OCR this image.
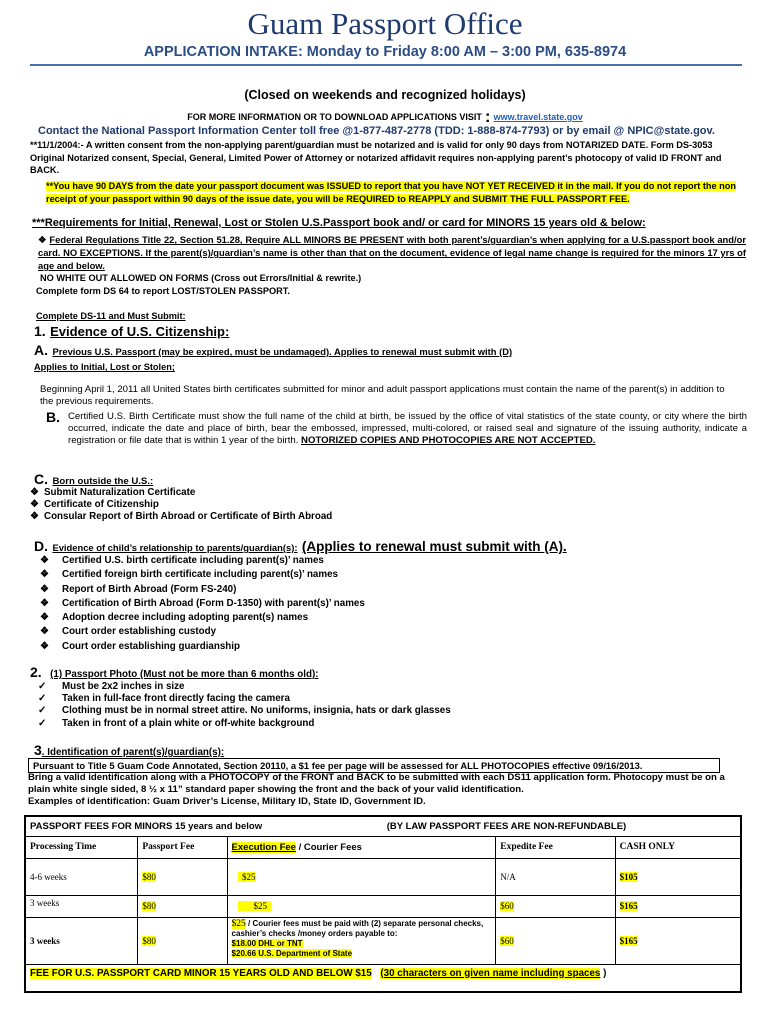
Guam Passport Office
APPLICATION INTAKE: Monday to Friday 8:00 AM – 3:00 PM, 635-8974
(Closed on weekends and recognized holidays)
FOR MORE INFORMATION OR TO DOWNLOAD APPLICATIONS VISIT : www.travel.state.gov
Contact the National Passport Information Center toll free @1-877-487-2778 (TDD: 1-888-874-7793) or by email @ NPIC@state.gov.
**11/1/2004:- A written consent from the non-applying parent/guardian must be notarized and is valid for only 90 days from NOTARIZED DATE. Form DS-3053 Original Notarized consent, Special, General, Limited Power of Attorney or notarized affidavit requires non-applying parent’s photocopy of valid ID FRONT and BACK.
**You have 90 DAYS from the date your passport document was ISSUED to report that you have NOT YET RECEIVED it in the mail. If you do not report the non receipt of your passport within 90 days of the issue date, you will be REQUIRED to REAPPLY and SUBMIT THE FULL PASSPORT FEE.
***Requirements for Initial, Renewal, Lost or Stolen U.S.Passport book and/ or card for MINORS 15 years old & below:
❖ Federal Regulations Title 22, Section 51.28, Require ALL MINORS BE PRESENT with both parent’s/guardian’s when applying for a U.S.passport book and/or card. NO EXCEPTIONS. If the parent(s)/guardian’s name is other than that on the document, evidence of legal name change is required for the minors 17 yrs of age and below.
NO WHITE OUT ALLOWED ON FORMS (Cross out Errors/Initial & rewrite.)
Complete form DS 64 to report LOST/STOLEN PASSPORT.
Complete DS-11 and Must Submit:
1. Evidence of U.S. Citizenship:
A. Previous U.S. Passport (may be expired, must be undamaged). Applies to renewal must submit with (D)
Applies to Initial, Lost or Stolen;
Beginning April 1, 2011 all United States birth certificates submitted for minor and adult passport applications must contain the name of the parent(s) in addition to the previous requirements.
B. Certified U.S. Birth Certificate must show the full name of the child at birth, be issued by the office of vital statistics of the state county, or city where the birth occurred, indicate the date and place of birth, bear the embossed, impressed, multi-colored, or raised seal and signature of the issuing authority, indicate a registration or file date that is within 1 year of the birth. NOTORIZED COPIES AND PHOTOCOPIES ARE NOT ACCEPTED.
C. Born outside the U.S.:
❖ Submit Naturalization Certificate
❖ Certificate of Citizenship
❖ Consular Report of Birth Abroad or Certificate of Birth Abroad
D. Evidence of child’s relationship to parents/guardian(s): (Applies to renewal must submit with (A).
❖ Certified U.S. birth certificate including parent(s)’ names
❖ Certified foreign birth certificate including parent(s)’ names
❖ Report of Birth Abroad (Form FS-240)
❖ Certification of Birth Abroad (Form D-1350) with parent(s)’ names
❖ Adoption decree including adopting parent(s) names
❖ Court order establishing custody
❖ Court order establishing guardianship
2. (1) Passport Photo (Must not be more than 6 months old):
✓ Must be 2x2 inches in size
✓ Taken in full-face front directly facing the camera
✓ Clothing must be in normal street attire. No uniforms, insignia, hats or dark glasses
✓ Taken in front of a plain white or off-white background
3. Identification of parent(s)/guardian(s):
Pursuant to Title 5 Guam Code Annotated, Section 20110, a $1 fee per page will be assessed for ALL PHOTOCOPIES effective 09/16/2013.
Bring a valid identification along with a PHOTOCOPY of the FRONT and BACK to be submitted with each DS11 application form. Photocopy must be on a plain white single sided, 8 ½ x 11” standard paper showing the front and the back of your valid identification.
Examples of identification: Guam Driver’s License, Military ID, State ID, Government ID.
PASSPORT FEES FOR MINORS 15 years and below (BY LAW PASSPORT FEES ARE NON-REFUNDABLE)				
Processing Time	Passport Fee	Execution Fee / Courier Fees	Expedite Fee	CASH ONLY
4-6 weeks	$80	$25	N/A	$105
3 weeks	$80	$25	$60	$165
3 weeks	$80	$25 / Courier fees must be paid with (2) separate personal checks, cashier’s checks /money orders payable to:
$18.00 DHL or TNT
$20.66 U.S. Department of State	$60	$165
FEE FOR U.S. PASSPORT CARD MINOR 15 YEARS OLD AND BELOW $15 (30 characters on given name including spaces )				
